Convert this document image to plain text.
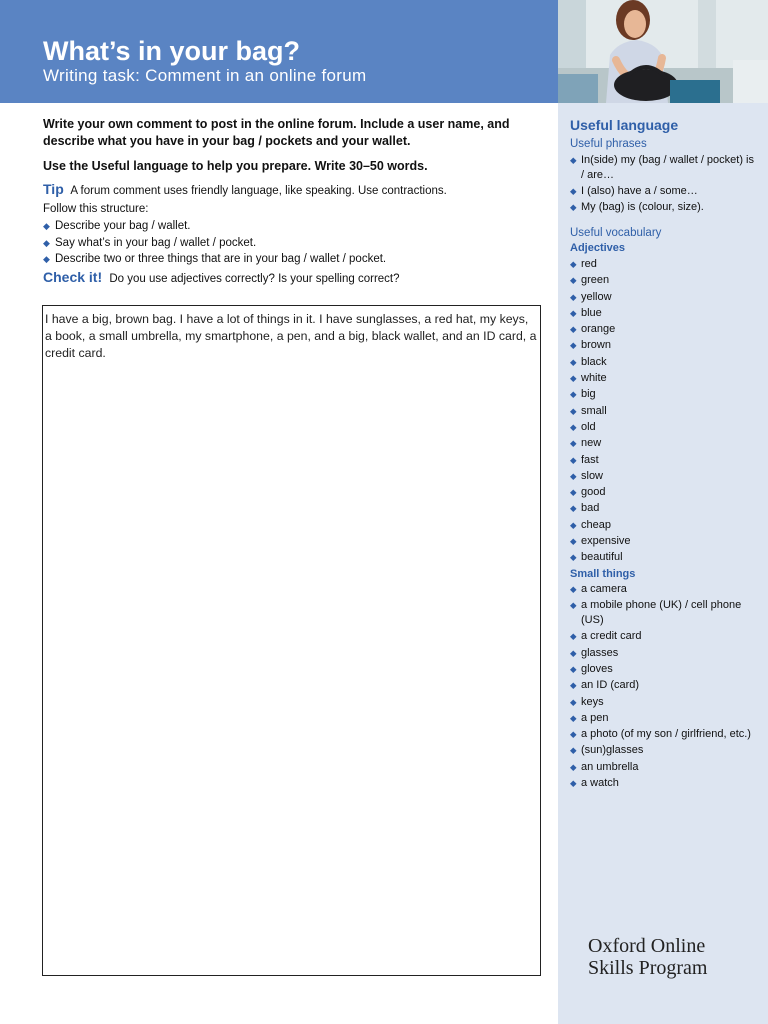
What’s in your bag?
Writing task: Comment in an online forum
Write your own comment to post in the online forum. Include a user name, and describe what you have in your bag / pockets and your wallet.
Use the Useful language to help you prepare. Write 30–50 words.
Tip A forum comment uses friendly language, like speaking. Use contractions.
Follow this structure:
◆ Describe your bag / wallet.
◆ Say what’s in your bag / wallet / pocket.
◆ Describe two or three things that are in your bag / wallet / pocket.
Check it! Do you use adjectives correctly? Is your spelling correct?
I have a big, brown bag. I have a lot of things in it. I have sunglasses, a red hat, my keys, a book, a small umbrella, my smartphone, a pen, and a big, black wallet, and an ID card, a credit card.
Useful language
Useful phrases
◆ In(side) my (bag / wallet / pocket) is / are…
◆ I (also) have a / some…
◆ My (bag) is (colour, size).
Useful vocabulary
Adjectives
◆ red
◆ green
◆ yellow
◆ blue
◆ orange
◆ brown
◆ black
◆ white
◆ big
◆ small
◆ old
◆ new
◆ fast
◆ slow
◆ good
◆ bad
◆ cheap
◆ expensive
◆ beautiful
Small things
◆ a camera
◆ a mobile phone (UK) / cell phone (US)
◆ a credit card
◆ glasses
◆ gloves
◆ an ID (card)
◆ keys
◆ a pen
◆ a photo (of my son / girlfriend, etc.)
◆ (sun)glasses
◆ an umbrella
◆ a watch
Oxford Online
Skills Program
